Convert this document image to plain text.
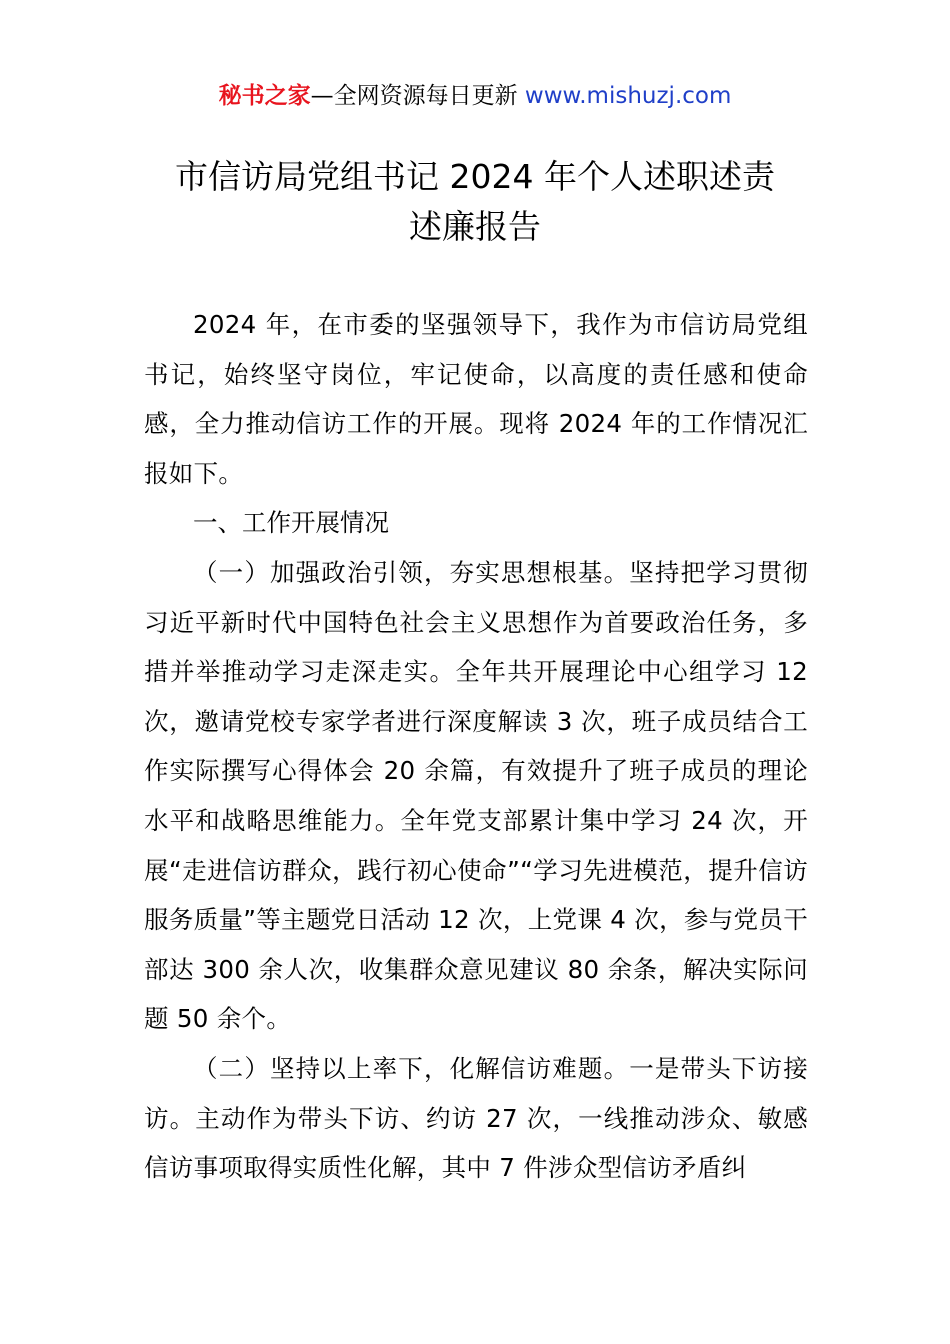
秘书之家—全网资源每日更新 www.mishuzj.com
市信访局党组书记 2024 年个人述职述责
述廉报告

2024 年，在市委的坚强领导下，我作为市信访局党组书记，始终坚守岗位，牢记使命，以高度的责任感和使命感，全力推动信访工作的开展。现将 2024 年的工作情况汇报如下。

一、工作开展情况

（一）加强政治引领，夯实思想根基。坚持把学习贯彻习近平新时代中国特色社会主义思想作为首要政治任务，多措并举推动学习走深走实。全年共开展理论中心组学习 12 次，邀请党校专家学者进行深度解读 3 次，班子成员结合工作实际撰写心得体会 20 余篇，有效提升了班子成员的理论水平和战略思维能力。全年党支部累计集中学习 24 次，开展“走进信访群众，践行初心使命”“学习先进模范，提升信访服务质量”等主题党日活动 12 次，上党课 4 次，参与党员干部达 300 余人次，收集群众意见建议 80 余条，解决实际问题 50 余个。

（二）坚持以上率下，化解信访难题。一是带头下访接访。主动作为带头下访、约访 27 次，一线推动涉众、敏感信访事项取得实质性化解，其中 7 件涉众型信访矛盾纠
